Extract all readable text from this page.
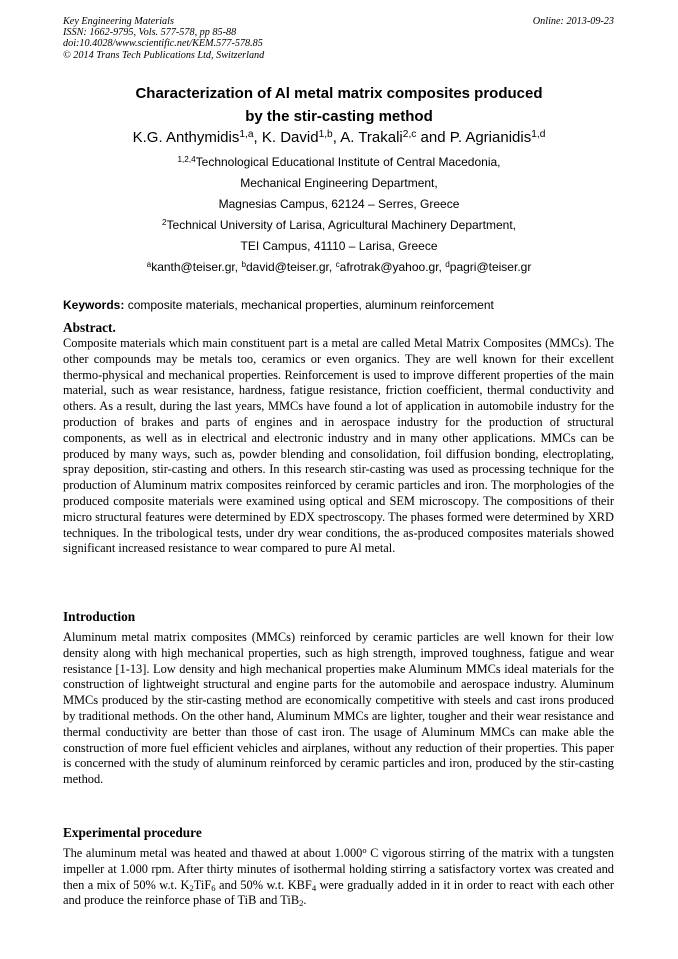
Key Engineering Materials
ISSN: 1662-9795, Vols. 577-578, pp 85-88
doi:10.4028/www.scientific.net/KEM.577-578.85
© 2014 Trans Tech Publications Ltd, Switzerland
Online: 2013-09-23
Characterization of Al metal matrix composites produced
by the stir-casting method
K.G. Anthymidis$^{1,a}$, K. David$^{1,b}$, A. Trakali$^{2,c}$ and P. Agrianidis$^{1,d}$
$^{1,2,4}$Technological Educational Institute of Central Macedonia,
Mechanical Engineering Department,
Magnesias Campus, 62124 – Serres, Greece
$^2$Technical University of Larisa, Agricultural Machinery Department,
TEI Campus, 41110 – Larisa, Greece
$^a$kanth@teiser.gr, $^b$david@teiser.gr, $^c$afrotrak@yahoo.gr, $^d$pagri@teiser.gr
Keywords: composite materials, mechanical properties, aluminum reinforcement
Abstract.

Composite materials which main constituent part is a metal are called Metal Matrix Composites (MMCs). The other compounds may be metals too, ceramics or even organics. They are well known for their excellent thermo-physical and mechanical properties. Reinforcement is used to improve different properties of the main material, such as wear resistance, hardness, fatigue resistance, friction coefficient, thermal conductivity and others. As a result, during the last years, MMCs have found a lot of application in automobile industry for the production of brakes and parts of engines and in aerospace industry for the production of structural components, as well as in electrical and electronic industry and in many other applications. MMCs can be produced by many ways, such as, powder blending and consolidation, foil diffusion bonding, electroplating, spray deposition, stir-casting and others. In this research stir-casting was used as processing technique for the production of Aluminum matrix composites reinforced by ceramic particles and iron. The morphologies of the produced composite materials were examined using optical and SEM microscopy. The compositions of their micro structural features were determined by EDX spectroscopy. The phases formed were determined by XRD techniques. In the tribological tests, under dry wear conditions, the as-produced composites materials showed significant increased resistance to wear compared to pure Al metal.

Introduction

Aluminum metal matrix composites (MMCs) reinforced by ceramic particles are well known for their low density along with high mechanical properties, such as high strength, improved toughness, fatigue and wear resistance [1-13]. Low density and high mechanical properties make Aluminum MMCs ideal materials for the construction of lightweight structural and engine parts for the automobile and aerospace industry. Aluminum MMCs produced by the stir-casting method are economically competitive with steels and cast irons produced by traditional methods. On the other hand, Aluminum MMCs are lighter, tougher and their wear resistance and thermal conductivity are better than those of cast iron. The usage of Aluminum MMCs can make able the construction of more fuel efficient vehicles and airplanes, without any reduction of their properties. This paper is concerned with the study of aluminum reinforced by ceramic particles and iron, produced by the stir-casting method.

Experimental procedure

The aluminum metal was heated and thawed at about 1.000$^o$ C vigorous stirring of the matrix with a tungsten impeller at 1.000 rpm. After thirty minutes of isothermal holding stirring a satisfactory vortex was created and then a mix of 50% w.t. $K_2TiF_6$ and 50% w.t. $KBF_4$ were gradually added in it in order to react with each other and produce the reinforce phase of TiB and TiB$_2$.
